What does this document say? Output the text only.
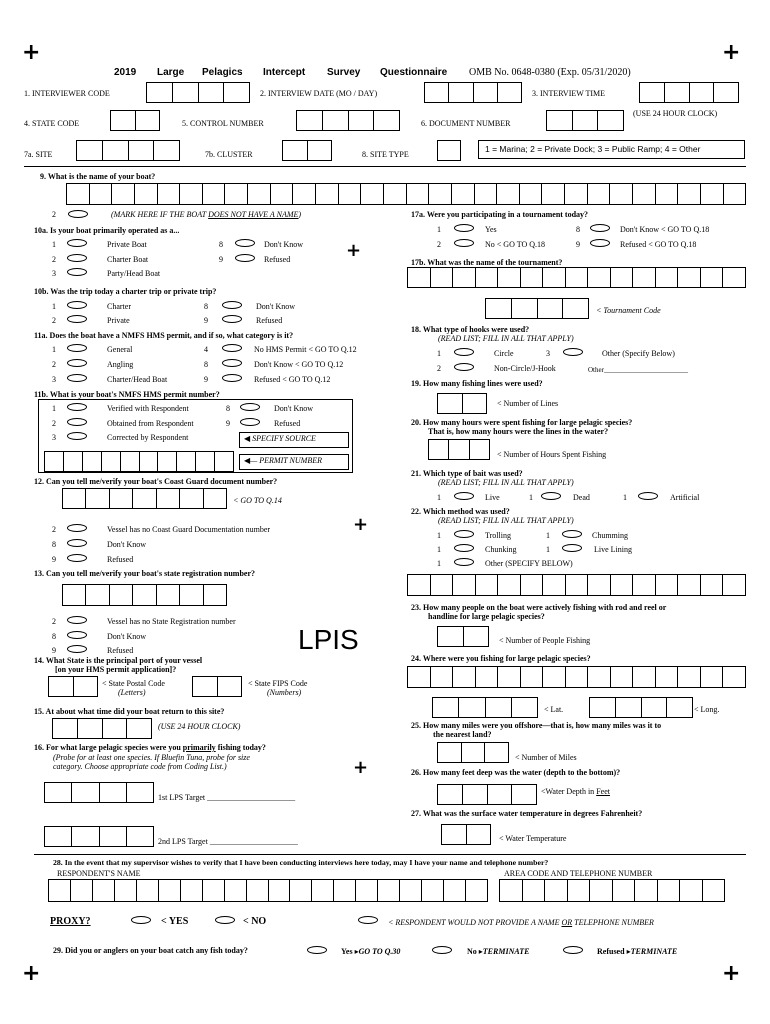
+	+
+	+
+
+
+
2019 Large Pelagics Intercept Survey Questionnaire OMB No. 0648-0380 (Exp. 05/31/2020)
1. INTERVIEWER CODE	2. INTERVIEW DATE (MO / DAY)	3. INTERVIEW TIME
(USE 24 HOUR CLOCK)
4. STATE CODE	5. CONTROL NUMBER	6. DOCUMENT NUMBER
7a. SITE	7b. CLUSTER	8. SITE TYPE
1 = Marina; 2 = Private Dock; 3 = Public Ramp; 4 = Other
9. What is the name of your boat?
2	(MARK HERE IF THE BOAT DOES NOT HAVE A NAME)
10a. Is your boat primarily operated as a...
1	Private Boat
2	Charter Boat
3	Party/Head Boat
8	Don't Know
9	Refused
10b. Was the trip today a charter trip or private trip?
1	Charter
2	Private
8	Don't Know
9	Refused
11a. Does the boat have a NMFS HMS permit, and if so, what category is it?
1	General
2	Angling
3	Charter/Head Boat
4	No HMS Permit < GO TO Q.12
8	Don't Know < GO TO Q.12
9	Refused < GO TO Q.12
11b. What is your boat's NMFS HMS permit number?
1	Verified with Respondent
2	Obtained from Respondent
3	Corrected by Respondent
8	Don't Know
9	Refused
◀ SPECIFY SOURCE
◀— PERMIT NUMBER
12. Can you tell me/verify your boat's Coast Guard document number?
< GO TO Q.14
2	Vessel has no Coast Guard Documentation number
8	Don't Know
9	Refused
13. Can you tell me/verify your boat's state registration number?
2	Vessel has no State Registration number
8	Don't Know
9	Refused	LPIS
14. What State is the principal port of your vessel
[on your HMS permit application]?
< State Postal Code
(Letters)
< State FIPS Code
(Numbers)
15. At about what time did your boat return to this site?
(USE 24 HOUR CLOCK)
16. For what large pelagic species were you primarily fishing today?
(Probe for at least one species. If Bluefin Tuna, probe for size
category. Choose appropriate code from Coding List.)
1st LPS Target ______________________
2nd LPS Target ______________________
17a. Were you participating in a tournament today?
1	Yes
2	No < GO TO Q.18
8	Don't Know < GO TO Q.18
9	Refused < GO TO Q.18
17b. What was the name of the tournament?
< Tournament Code
18. What type of hooks were used?
(READ LIST; FILL IN ALL THAT APPLY)
1	Circle	3	Other (Specify Below)
2	Non-Circle/J-Hook	Other________________________
19. How many fishing lines were used?
< Number of Lines
20. How many hours were spent fishing for large pelagic species?
That is, how many hours were the lines in the water?
< Number of Hours Spent Fishing
21. Which type of bait was used?
(READ LIST; FILL IN ALL THAT APPLY)
1	Live	1	Dead	1	Artificial
22. Which method was used?
(READ LIST; FILL IN ALL THAT APPLY)
1	Trolling	1	Chumming
1	Chunking	1	Live Lining
1	Other (SPECIFY BELOW)
23. How many people on the boat were actively fishing with rod and reel or
handline for large pelagic species?
< Number of People Fishing
24. Where were you fishing for large pelagic species?
< Lat.	< Long.
25. How many miles were you offshore—that is, how many miles was it to
the nearest land?
< Number of Miles
26. How many feet deep was the water (depth to the bottom)?
<Water Depth in Feet
27. What was the surface water temperature in degrees Fahrenheit?
< Water Temperature
28. In the event that my supervisor wishes to verify that I have been conducting interviews here today, may I have your name and telephone number?
RESPONDENT'S NAME	AREA CODE AND TELEPHONE NUMBER
PROXY?	< YES	< NO	< RESPONDENT WOULD NOT PROVIDE A NAME OR TELEPHONE NUMBER
29. Did you or anglers on your boat catch any fish today?	Yes ▸GO TO Q.30	No ▸TERMINATE	Refused ▸TERMINATE
